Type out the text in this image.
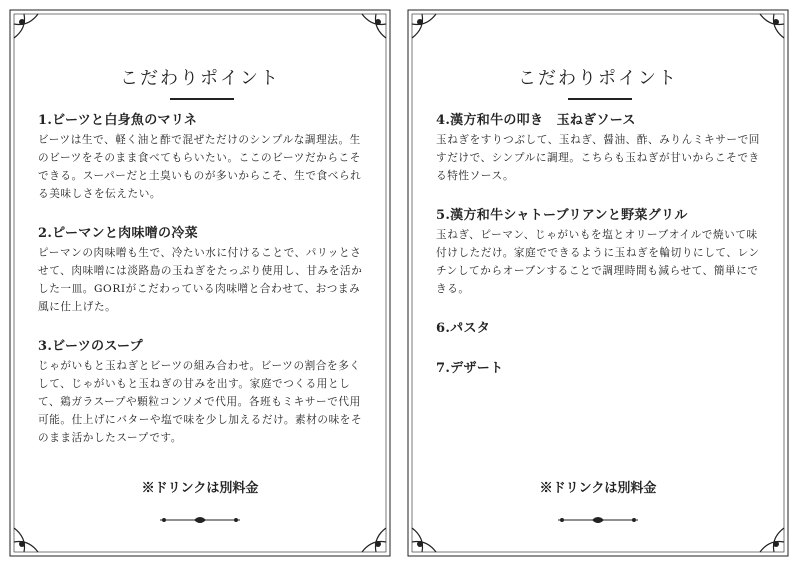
こだわりポイント

1.ビーツと白身魚のマリネ

ビーツは生で、軽く油と酢で混ぜただけのシンプルな調理法。生のビーツをそのまま食べてもらいたい。ここのビーツだからこそできる。スーパーだと土臭いものが多いからこそ、生で食べられる美味しさを伝えたい。

2.ピーマンと肉味噌の冷菜

ピーマンの肉味噌も生で、冷たい水に付けることで、パリッとさせて、肉味噌には淡路島の玉ねぎをたっぷり使用し、甘みを活かした一皿。GORIがこだわっている肉味噌と合わせて、おつまみ風に仕上げた。

3.ビーツのスープ

じゃがいもと玉ねぎとビーツの組み合わせ。ビーツの割合を多くして、じゃがいもと玉ねぎの甘みを出す。家庭でつくる用として、鶏ガラスープや顆粒コンソメで代用。各班もミキサーで代用可能。仕上げにバターや塩で味を少し加えるだけ。素材の味をそのまま活かしたスープです。

※ドリンクは別料金
こだわりポイント

4.漢方和牛の叩き　玉ねぎソース

玉ねぎをすりつぶして、玉ねぎ、醤油、酢、みりんミキサーで回すだけで、シンプルに調理。こちらも玉ねぎが甘いからこそできる特性ソース。

5.漢方和牛シャトーブリアンと野菜グリル

玉ねぎ、ピーマン、じゃがいもを塩とオリーブオイルで焼いて味付けしただけ。家庭でできるように玉ねぎを輪切りにして、レンチンしてからオーブンすることで調理時間も減らせて、簡単にできる。

6.パスタ

7.デザート

※ドリンクは別料金
